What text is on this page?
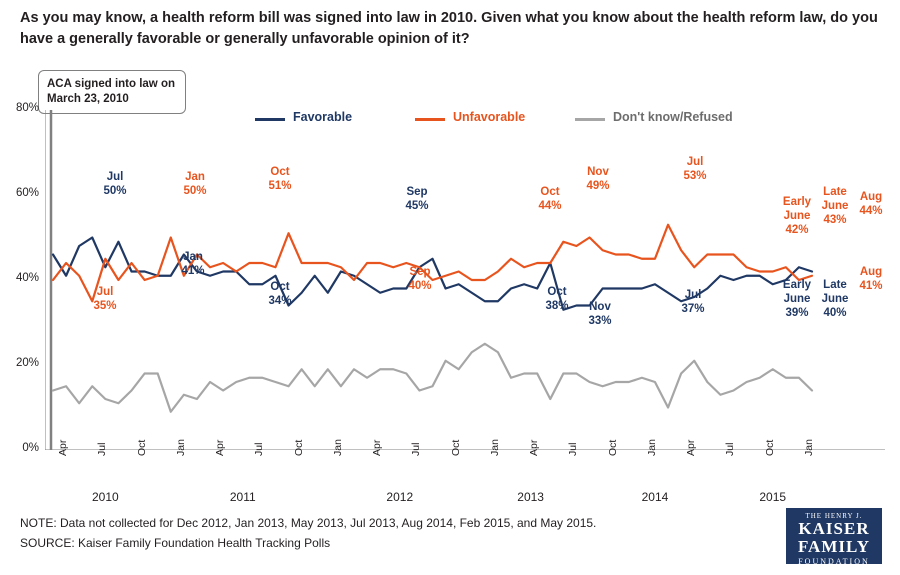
As you may know, a health reform bill was signed into law in 2010. Given what you know about the health reform law, do you have a generally favorable or generally unfavorable opinion of it?
ACA signed into law on March 23, 2010
Favorable	Unfavorable	Don't know/Refused
0%
20%
40%
60%
80%
Apr	Jul	Oct	Jan	Apr	Jul	Oct	Jan	Apr	Jul	Oct	Jan	Apr	Jul	Oct	Jan	Apr	Jul	Oct	Jan
Jul
50%
Jul
35%
Jan
50%
Jan
41%
Oct
51%
Oct
34%
Sep
45%
Sep
40%
Oct
44%
Oct
38%
Nov
49%
Nov
33%
Jul
53%
Jul
37%
Early
June
42%
Late
June
43%
Aug
44%
Early
June
39%
Late
June
40%
Aug
41%
2010	2011	2012	2013	2014	2015
NOTE: Data not collected for Dec 2012, Jan 2013, May 2013, Jul 2013, Aug 2014, Feb 2015, and May 2015.
SOURCE: Kaiser Family Foundation Health Tracking Polls
THE HENRY J.
KAISER
FAMILY
FOUNDATION
